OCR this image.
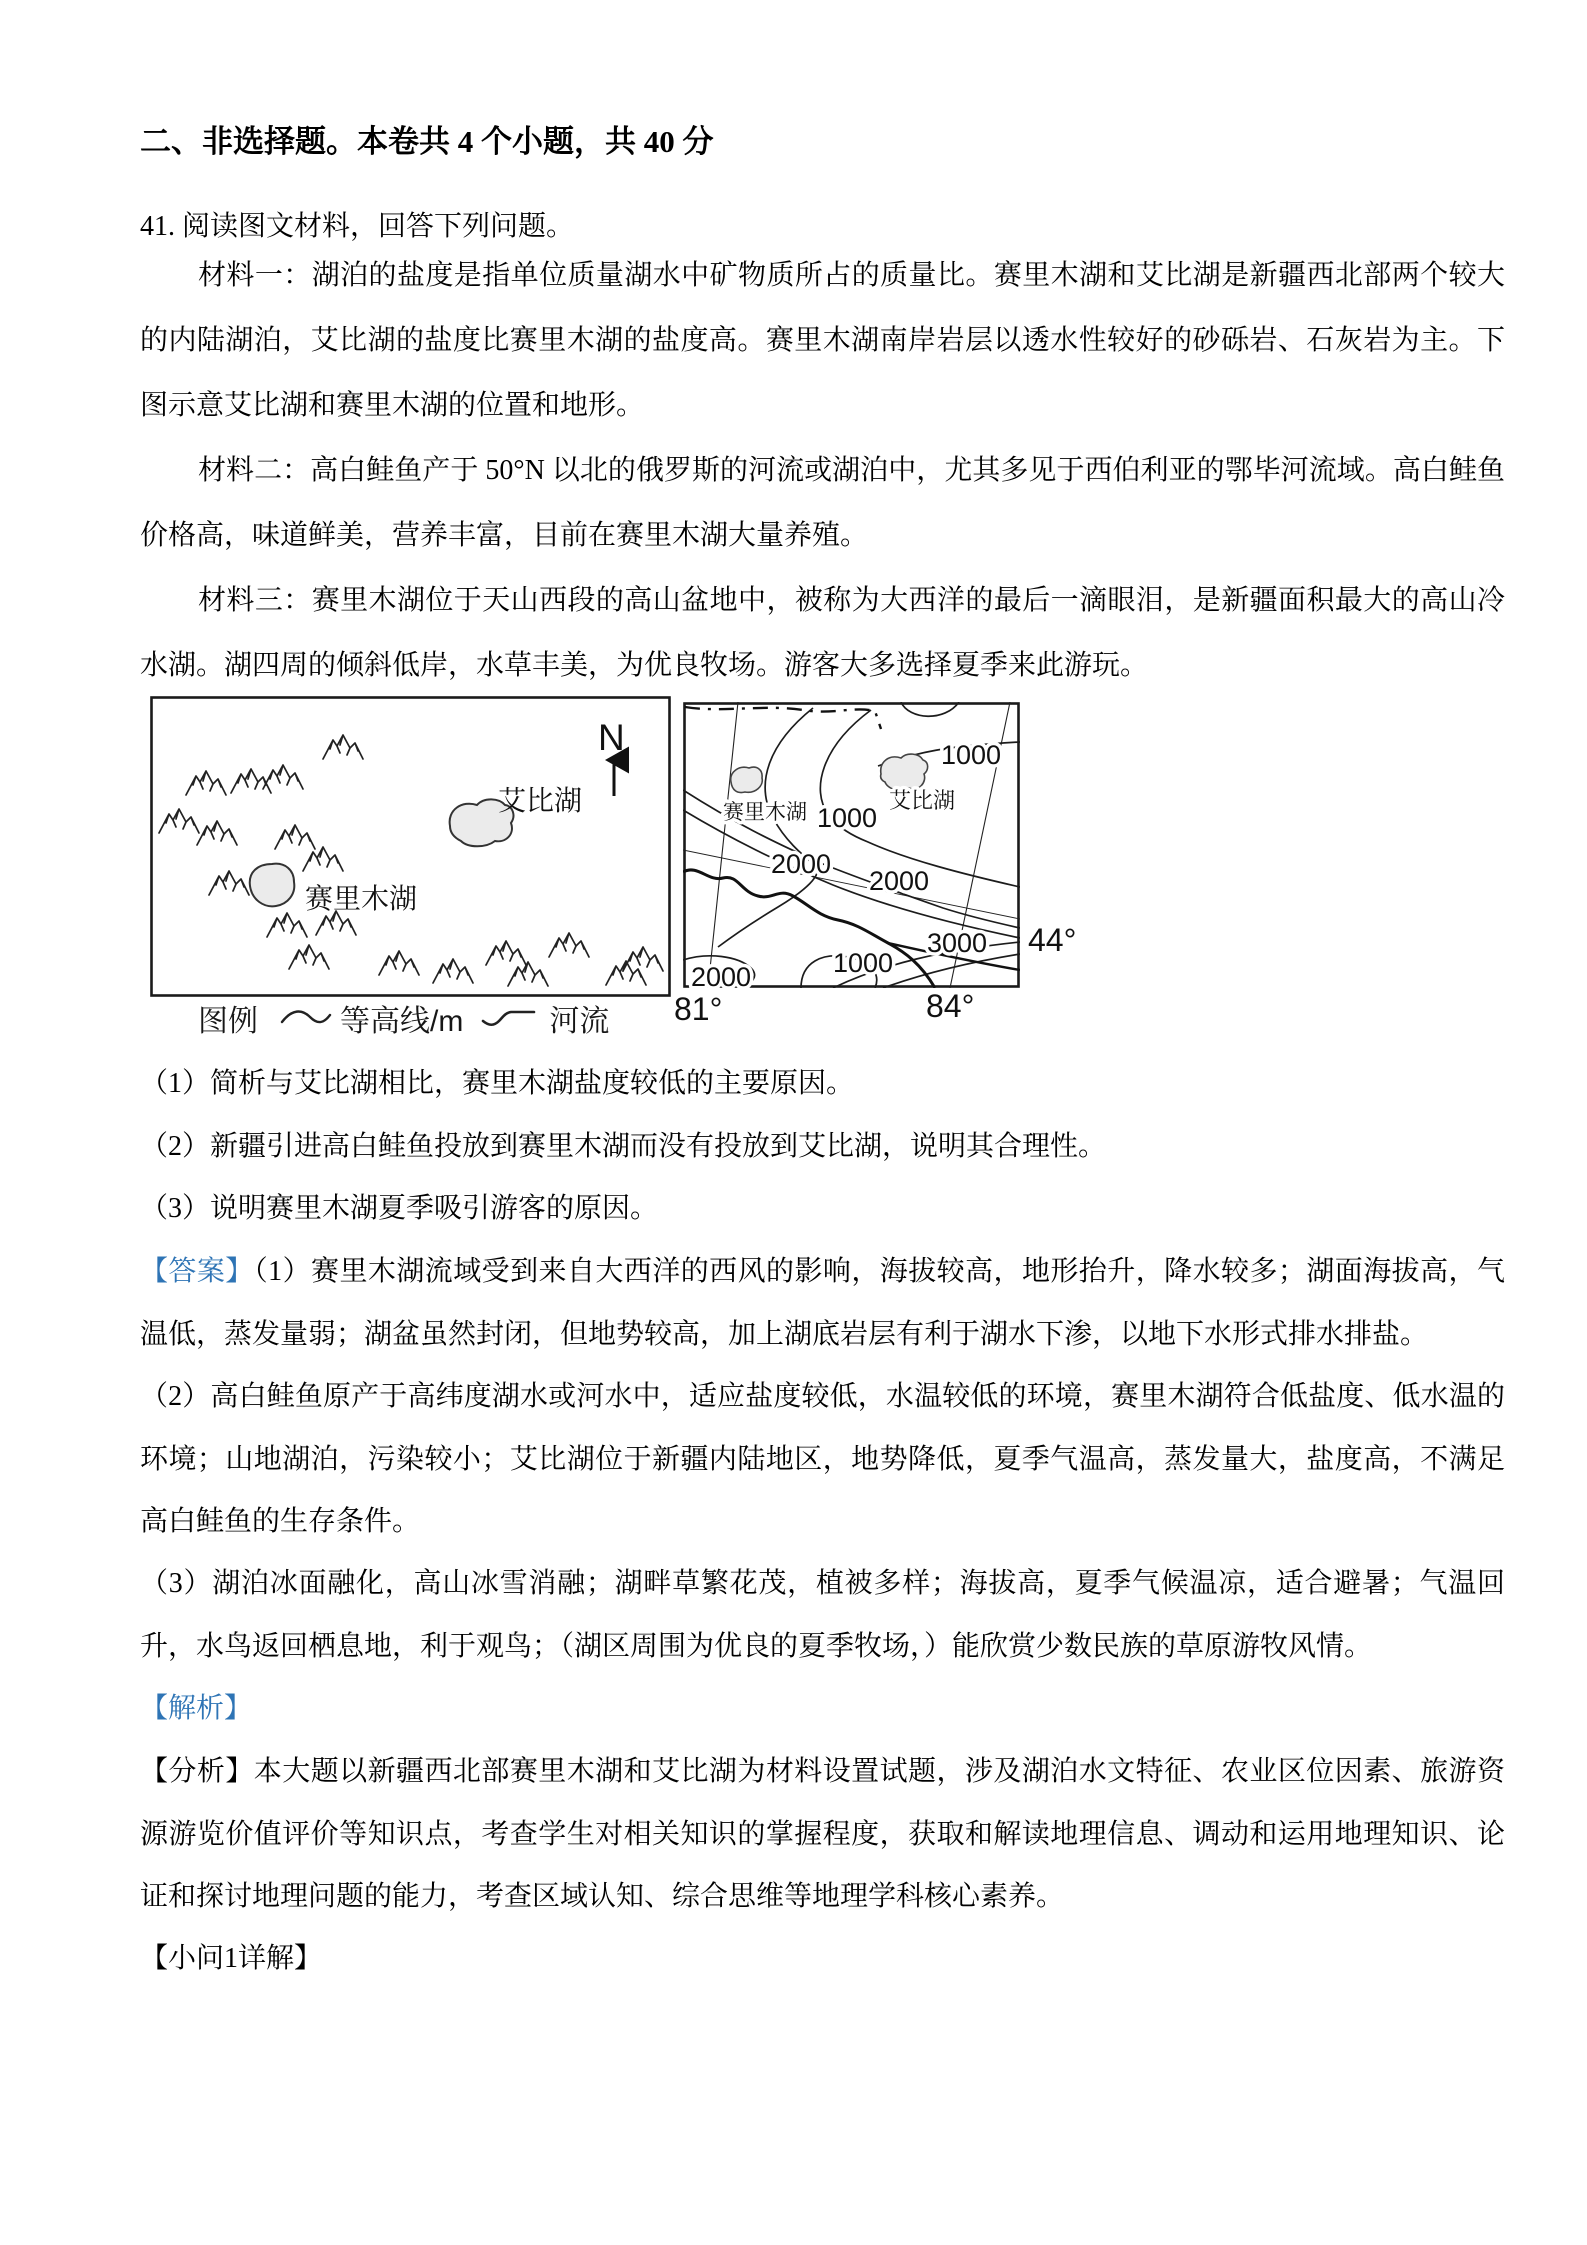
二、非选择题。本卷共 4 个小题，共 40 分

41. 阅读图文材料，回答下列问题。

材料一：湖泊的盐度是指单位质量湖水中矿物质所占的质量比。赛里木湖和艾比湖是新疆西北部两个较大的内陆湖泊，艾比湖的盐度比赛里木湖的盐度高。赛里木湖南岸岩层以透水性较好的砂砾岩、石灰岩为主。下图示意艾比湖和赛里木湖的位置和地形。

材料二：高白鲑鱼产于 50°N 以北的俄罗斯的河流或湖泊中，尤其多见于西伯利亚的鄂毕河流域。高白鲑鱼价格高，味道鲜美，营养丰富，目前在赛里木湖大量养殖。

材料三：赛里木湖位于天山西段的高山盆地中，被称为大西洋的最后一滴眼泪，是新疆面积最大的高山冷水湖。湖四周的倾斜低岸，水草丰美，为优良牧场。游客大多选择夏季来此游玩。

艾比湖
赛里木湖
N
赛里木湖	艾比湖
1000
1000
2000
2000
3000
1000
2000
44°
81°	84°
图例	等高线/m	河流

（1）简析与艾比湖相比，赛里木湖盐度较低的主要原因。

（2）新疆引进高白鲑鱼投放到赛里木湖而没有投放到艾比湖，说明其合理性。

（3）说明赛里木湖夏季吸引游客的原因。

【答案】（1）赛里木湖流域受到来自大西洋的西风的影响，海拔较高，地形抬升，降水较多；湖面海拔高，气温低，蒸发量弱；湖盆虽然封闭，但地势较高，加上湖底岩层有利于湖水下渗，以地下水形式排水排盐。

（2）高白鲑鱼原产于高纬度湖水或河水中，适应盐度较低，水温较低的环境，赛里木湖符合低盐度、低水温的环境；山地湖泊，污染较小；艾比湖位于新疆内陆地区，地势降低，夏季气温高，蒸发量大，盐度高，不满足高白鲑鱼的生存条件。

（3）湖泊冰面融化，高山冰雪消融；湖畔草繁花茂，植被多样；海拔高，夏季气候温凉，适合避暑；气温回升，水鸟返回栖息地，利于观鸟；（湖区周围为优良的夏季牧场，）能欣赏少数民族的草原游牧风情。

【解析】

【分析】本大题以新疆西北部赛里木湖和艾比湖为材料设置试题，涉及湖泊水文特征、农业区位因素、旅游资源游览价值评价等知识点，考查学生对相关知识的掌握程度，获取和解读地理信息、调动和运用地理知识、论证和探讨地理问题的能力，考查区域认知、综合思维等地理学科核心素养。

【小问1详解】
